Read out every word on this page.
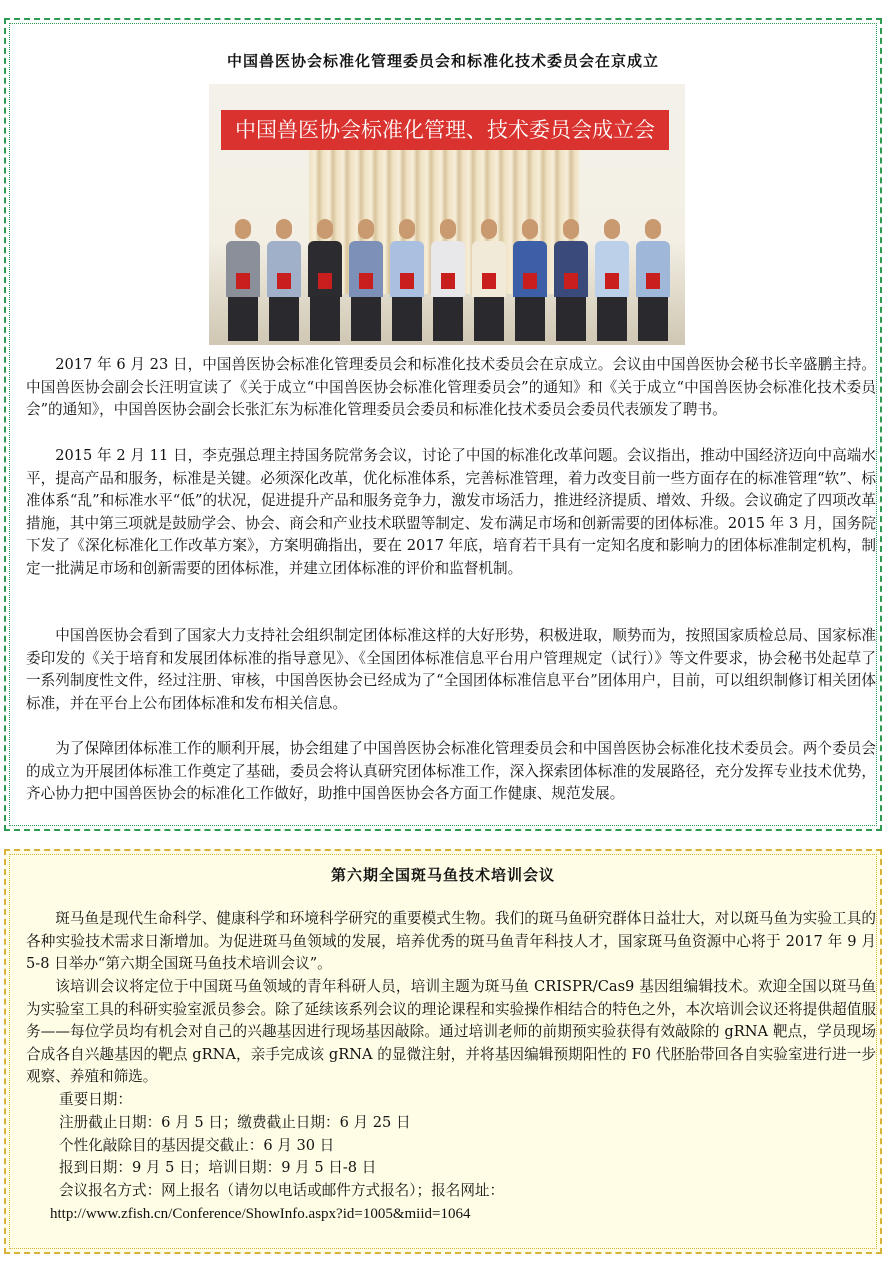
中国兽医协会标准化管理委员会和标准化技术委员会在京成立
中国兽医协会标准化管理、技术委员会成立会

2017 年 6 月 23 日，中国兽医协会标准化管理委员会和标准化技术委员会在京成立。会议由中国兽医协会秘书长辛盛鹏主持。中国兽医协会副会长汪明宣读了《关于成立“中国兽医协会标准化管理委员会”的通知》和《关于成立“中国兽医协会标准化技术委员会”的通知》，中国兽医协会副会长张汇东为标准化管理委员会委员和标准化技术委员会委员代表颁发了聘书。

2015 年 2 月 11 日，李克强总理主持国务院常务会议，讨论了中国的标准化改革问题。会议指出，推动中国经济迈向中高端水平，提高产品和服务，标准是关键。必须深化改革，优化标准体系，完善标准管理，着力改变目前一些方面存在的标准管理“软”、标准体系“乱”和标准水平“低”的状况，促进提升产品和服务竞争力，激发市场活力，推进经济提质、增效、升级。会议确定了四项改革措施，其中第三项就是鼓励学会、协会、商会和产业技术联盟等制定、发布满足市场和创新需要的团体标准。2015 年 3 月，国务院下发了《深化标准化工作改革方案》，方案明确指出，要在 2017 年底，培育若干具有一定知名度和影响力的团体标准制定机构，制定一批满足市场和创新需要的团体标准，并建立团体标准的评价和监督机制。

中国兽医协会看到了国家大力支持社会组织制定团体标准这样的大好形势，积极进取，顺势而为，按照国家质检总局、国家标准委印发的《关于培育和发展团体标准的指导意见》、《全国团体标准信息平台用户管理规定（试行）》等文件要求，协会秘书处起草了一系列制度性文件，经过注册、审核，中国兽医协会已经成为了“全国团体标准信息平台”团体用户，目前，可以组织制修订相关团体标准，并在平台上公布团体标准和发布相关信息。

为了保障团体标准工作的顺利开展，协会组建了中国兽医协会标准化管理委员会和中国兽医协会标准化技术委员会。两个委员会的成立为开展团体标准工作奠定了基础，委员会将认真研究团体标准工作，深入探索团体标准的发展路径，充分发挥专业技术优势，齐心协力把中国兽医协会的标准化工作做好，助推中国兽医协会各方面工作健康、规范发展。

第六期全国斑马鱼技术培训会议

斑马鱼是现代生命科学、健康科学和环境科学研究的重要模式生物。我们的斑马鱼研究群体日益壮大，对以斑马鱼为实验工具的各种实验技术需求日渐增加。为促进斑马鱼领域的发展，培养优秀的斑马鱼青年科技人才，国家斑马鱼资源中心将于 2017 年 9 月 5-8 日举办“第六期全国斑马鱼技术培训会议”。

该培训会议将定位于中国斑马鱼领域的青年科研人员，培训主题为斑马鱼 CRISPR/Cas9 基因组编辑技术。欢迎全国以斑马鱼为实验室工具的科研实验室派员参会。除了延续该系列会议的理论课程和实验操作相结合的特色之外，本次培训会议还将提供超值服务——每位学员均有机会对自己的兴趣基因进行现场基因敲除。通过培训老师的前期预实验获得有效敲除的 gRNA 靶点，学员现场合成各自兴趣基因的靶点 gRNA，亲手完成该 gRNA 的显微注射，并将基因编辑预期阳性的 F0 代胚胎带回各自实验室进行进一步观察、养殖和筛选。

重要日期：
注册截止日期：6 月 5 日；缴费截止日期：6 月 25 日
个性化敲除目的基因提交截止：6 月 30 日
报到日期：9 月 5 日；培训日期：9 月 5 日-8 日
会议报名方式：网上报名（请勿以电话或邮件方式报名）；报名网址：
http://www.zfish.cn/Conference/ShowInfo.aspx?id=1005&miid=1064
